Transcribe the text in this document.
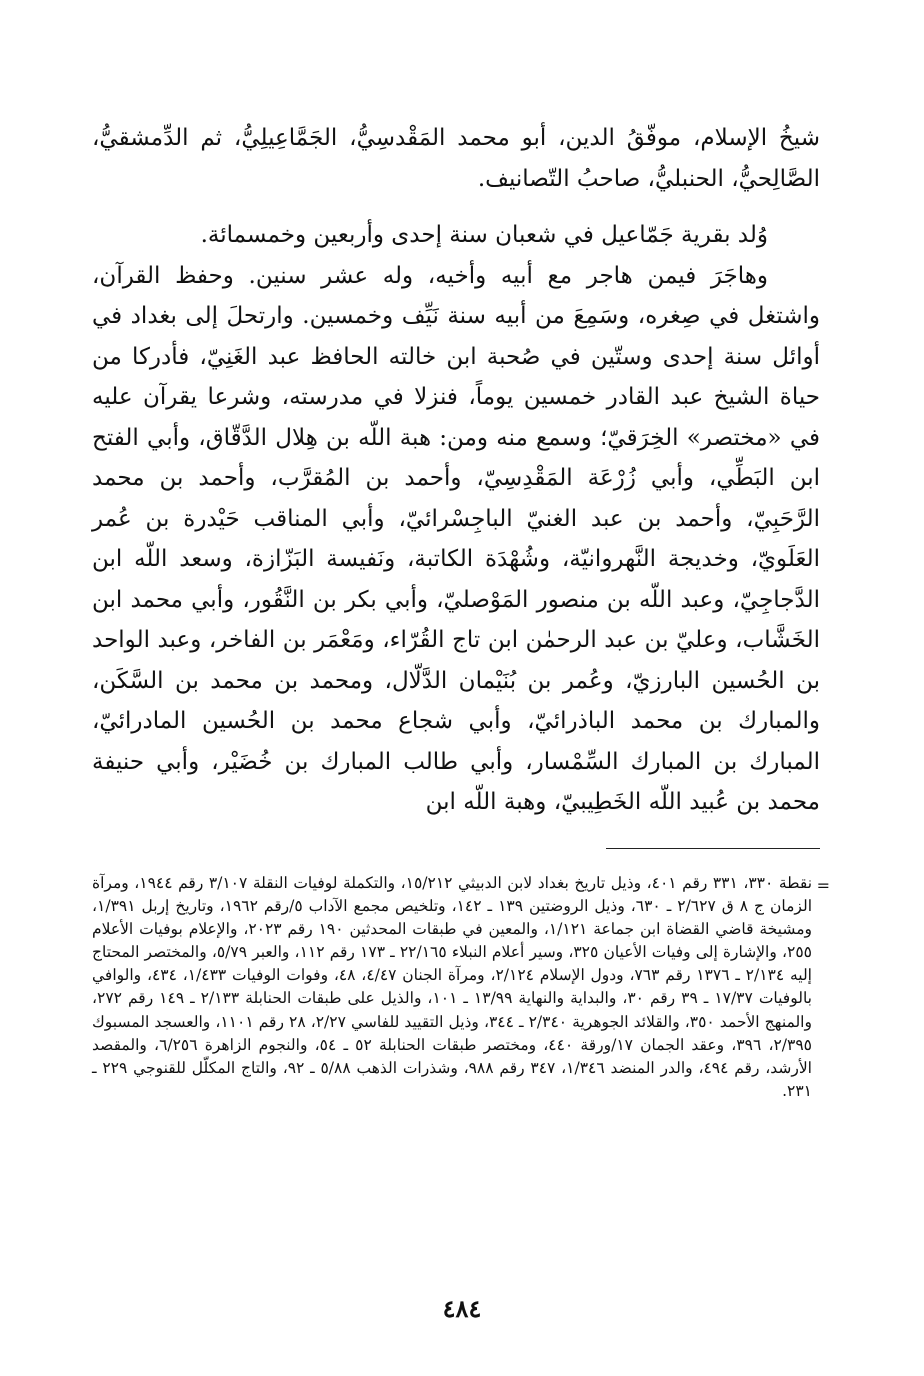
شيخُ الإسلام، موفّقُ الدين، أبو محمد المَقْدسِيُّ، الجَمَّاعِيلِيُّ، ثم الدِّمشقيُّ، الصَّالِحيُّ، الحنبليُّ، صاحبُ التّصانيف.

وُلد بقرية جَمّاعيل في شعبان سنة إحدى وأربعين وخمسمائة.

وهاجَرَ فيمن هاجر مع أبيه وأخيه، وله عشر سنين. وحفظ القرآن، واشتغل في صِغره، وسَمِعَ من أبيه سنة نَيِّف وخمسين. وارتحلَ إلى بغداد في أوائل سنة إحدى وستّين في صُحبة ابن خالته الحافظ عبد الغَنِيّ، فأدركا من حياة الشيخ عبد القادر خمسين يوماً، فنزلا في مدرسته، وشرعا يقرآن عليه في «مختصر» الخِرَقيّ؛ وسمع منه ومن: هبة اللّه بن هِلال الدَّقّاق، وأبي الفتح ابن البَطِّي، وأبي زُرْعَة المَقْدِسِيّ، وأحمد بن المُقرَّب، وأحمد بن محمد الرَّحَبِيّ، وأحمد بن عبد الغنيّ الباجِسْرائيّ، وأبي المناقب حَيْدرة بن عُمر العَلَويّ، وخديجة النَّهروانيّة، وشُهْدَة الكاتبة، ونَفيسة البَزّازة، وسعد اللّه ابن الدَّجاجِيّ، وعبد اللّه بن منصور المَوْصليّ، وأبي بكر بن النَّقُور، وأبي محمد ابن الخَشَّاب، وعليّ بن عبد الرحمٰن ابن تاج القُرّاء، ومَعْمَر بن الفاخر، وعبد الواحد بن الحُسين البارزيّ، وعُمر بن بُنَيْمان الدَّلّال، ومحمد بن محمد بن السَّكَن، والمبارك بن محمد الباذرائيّ، وأبي شجاع محمد بن الحُسين المادرائيّ، المبارك بن المبارك السِّمْسار، وأبي طالب المبارك بن خُضَيْر، وأبي حنيفة محمد بن عُبيد اللّه الخَطِيبيّ، وهبة اللّه ابن

=
نقطة ٣٣٠، ٣٣١ رقم ٤٠١، وذيل تاريخ بغداد لابن الدبيثي ١٥/٢١٢، والتكملة لوفيات النقلة ٣/١٠٧ رقم ١٩٤٤، ومرآة الزمان ج ٨ ق ٢/٦٢٧ ـ ٦٣٠، وذيل الروضتين ١٣٩ ـ ١٤٢، وتلخيص مجمع الآداب ٥/رقم ١٩٦٢، وتاريخ إربل ١/٣٩١، ومشيخة قاضي القضاة ابن جماعة ١/١٢١، والمعين في طبقات المحدثين ١٩٠ رقم ٢٠٢٣، والإعلام بوفيات الأعلام ٢٥٥، والإشارة إلى وفيات الأعيان ٣٢٥، وسير أعلام النبلاء ٢٢/١٦٥ ـ ١٧٣ رقم ١١٢، والعبر ٥/٧٩، والمختصر المحتاج إليه ٢/١٣٤ ـ ١٣٧٦ رقم ٧٦٣، ودول الإسلام ٢/١٢٤، ومرآة الجنان ٤/٤٧، ٤٨، وفوات الوفيات ١/٤٣٣، ٤٣٤، والوافي بالوفيات ١٧/٣٧ ـ ٣٩ رقم ٣٠، والبداية والنهاية ١٣/٩٩ ـ ١٠١، والذيل على طبقات الحنابلة ٢/١٣٣ ـ ١٤٩ رقم ٢٧٢، والمنهج الأحمد ٣٥٠، والقلائد الجوهرية ٢/٣٤٠ ـ ٣٤٤، وذيل التقييد للفاسي ٢/٢٧، ٢٨ رقم ١١٠١، والعسجد المسبوك ٢/٣٩٥، ٣٩٦، وعقد الجمان ١٧/ورقة ٤٤٠، ومختصر طبقات الحنابلة ٥٢ ـ ٥٤، والنجوم الزاهرة ٦/٢٥٦، والمقصد الأرشد، رقم ٤٩٤، والدر المنضد ١/٣٤٦، ٣٤٧ رقم ٩٨٨، وشذرات الذهب ٥/٨٨ ـ ٩٢، والتاج المكلّل للقنوجي ٢٢٩ ـ ٢٣١.
٤٨٤
